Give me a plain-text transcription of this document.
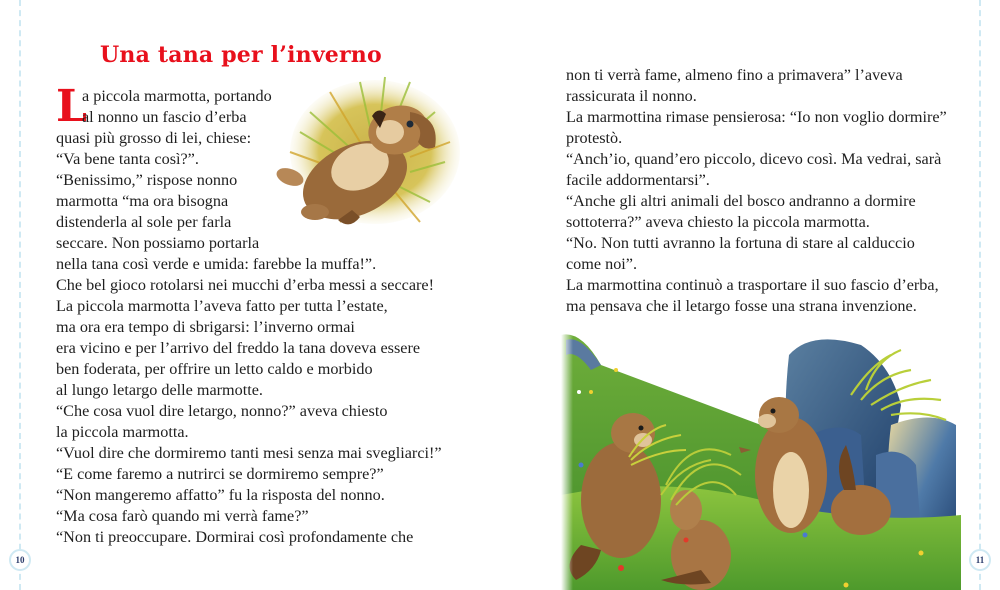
Una tana per l’inverno
L
a piccola marmotta, portando
al nonno un fascio d’erba
quasi più grosso di lei, chiese:
“Va bene tanta così?”.
“Benissimo,” rispose nonno
marmotta “ma ora bisogna
distenderla al sole per farla
seccare. Non possiamo portarla
nella tana così verde e umida: farebbe la muffa!”.
Che bel gioco rotolarsi nei mucchi d’erba messi a seccare!
La piccola marmotta l’aveva fatto per tutta l’estate,
ma ora era tempo di sbrigarsi: l’inverno ormai
era vicino e per l’arrivo del freddo la tana doveva essere
ben foderata, per offrire un letto caldo e morbido
al lungo letargo delle marmotte.
“Che cosa vuol dire letargo, nonno?” aveva chiesto
la piccola marmotta.
“Vuol dire che dormiremo tanti mesi senza mai svegliarci!”
“E come faremo a nutrirci se dormiremo sempre?”
“Non mangeremo affatto” fu la risposta del nonno.
“Ma cosa farò quando mi verrà fame?”
“Non ti preoccupare. Dormirai così profondamente che
10
non ti verrà fame, almeno fino a primavera” l’aveva
rassicurata il nonno.
La marmottina rimase pensierosa: “Io non voglio dormire”
protestò.
“Anch’io, quand’ero piccolo, dicevo così. Ma vedrai, sarà
facile addormentarsi”.
“Anche gli altri animali del bosco andranno a dormire
sottoterra?” aveva chiesto la piccola marmotta.
“No. Non tutti avranno la fortuna di stare al calduccio
come noi”.
La marmottina continuò a trasportare il suo fascio d’erba,
ma pensava che il letargo fosse una strana invenzione.
11
